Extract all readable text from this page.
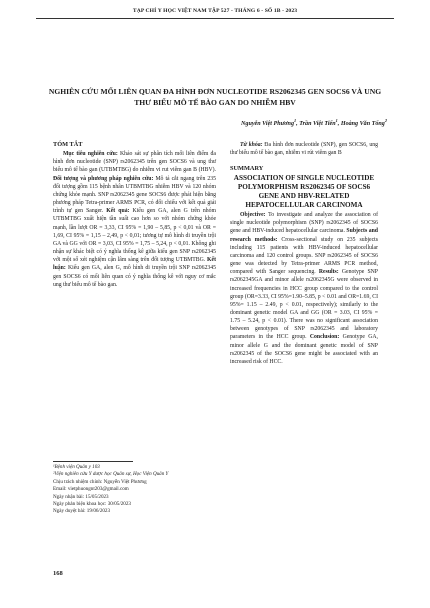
TẠP CHÍ Y HỌC VIỆT NAM TẬP 527 - THÁNG 6 - SỐ 1B - 2023
NGHIÊN CỨU MỐI LIÊN QUAN ĐA HÌNH ĐƠN NUCLEOTIDE RS2062345 GEN SOCS6 VÀ UNG THƯ BIỂU MÔ TẾ BÀO GAN DO NHIỄM HBV
Nguyễn Việt Phương$^1$, Trần Việt Tiến$^1$, Hoàng Văn Tổng$^2$
TÓM TẮT
Mục tiêu nghiên cứu: Khảo sát sự phân tích mối liên điểm đa hình đơn nucleotide (SNP) rs2062345 trên gen SOCS6 và ung thư biểu mô tế bào gan (UTBMTBG) do nhiễm vi rut viêm gan B (HBV). Đối tượng và phương pháp nghiên cứu: Mô tả cắt ngang trên 235 đối tượng gồm 115 bệnh nhân UTBMTBG nhiễm HBV và 120 nhóm chứng khỏe mạnh. SNP rs2062345 gene SOCS6 được phát hiện bằng phương pháp Tetra-primer ARMS PCR, có đối chiếu với kết quả giải trình tự gen Sanger. Kết quả: Kiểu gen GA, alen G trên nhóm UTBMTBG xuất hiện tần suất cao hơn so với nhóm chứng khỏe mạnh, lần lượt OR = 3,33, CI 95% = 1,90 – 5,85, p < 0,01 và OR = 1,69, CI 95% = 1,15 – 2,49, p < 0,01; tương tự mô hình di truyền trội GA và GG với OR = 3,03, CI 95% = 1,75 – 5,24, p < 0,01. Không ghi nhận sự khác biệt có ý nghĩa thống kê giữa kiểu gen SNP rs2062345 với một số xét nghiệm cận lâm sàng trên đối tượng UTBMTBG. Kết luận: Kiểu gen GA, alen G, mô hình di truyền trội SNP rs2062345 gen SOCS6 có mối liên quan có ý nghĩa thống kê với nguy cơ mắc ung thư biểu mô tế bào gan.
Từ khóa: Đa hình đơn nucleotide (SNP), gen SOCS6, ung thư biểu mô tế bào gan, nhiễm vi rút viêm gan B
SUMMARY
ASSOCIATION OF SINGLE NUCLEOTIDE POLYMORPHISM RS2062345 OF SOCS6 GENE AND HBV-RELATED HEPATOCELLULAR CARCINOMA
Objective: To investigate and analyze the association of single nucleotide polymorphism (SNP) rs2062345 of SOCS6 gene and HBV-induced hepatocellular carcinoma. Subjects and research methods: Cross-sectional study on 235 subjects including 115 patients with HBV-induced hepatocellular carcinoma and 120 control groups. SNP rs2062345 of SOCS6 gene was detected by Tetra-primer ARMS PCR method, compared with Sanger sequencing. Results: Genotype SNP rs2062345GA and minor allele rs2062345G were observed in increased frequencies in HCC group compared to the control group (OR=3.33, CI 95%=1.90–5.85, p < 0.01 and OR=1.69, CI 95%= 1.15 – 2.49, p < 0.01, respectively); similarly to the dominant genetic model GA and GG (OR = 3.03, CI 95% = 1.75 – 5.24, p < 0.01). There was no significant association between genotypes of SNP rs2062345 and laboratory parameters in the HCC group. Conclusion: Genotype GA, minor allele G and the dominant genetic model of SNP rs2062345 of the SOCS6 gene might be associated with an increased risk of HCC.
¹Bệnh viện Quân y 103
²Viện nghiên cứu Y dược học Quân sự, Học Viện Quân Y
Chịu trách nhiệm chính: Nguyễn Việt Phương
Email: vietphuongnt203@gmail.com
Ngày nhận bài: 15/05/2023
Ngày phản biện khoa học: 30/05/2023
Ngày duyệt bài: 19/06/2023
168
